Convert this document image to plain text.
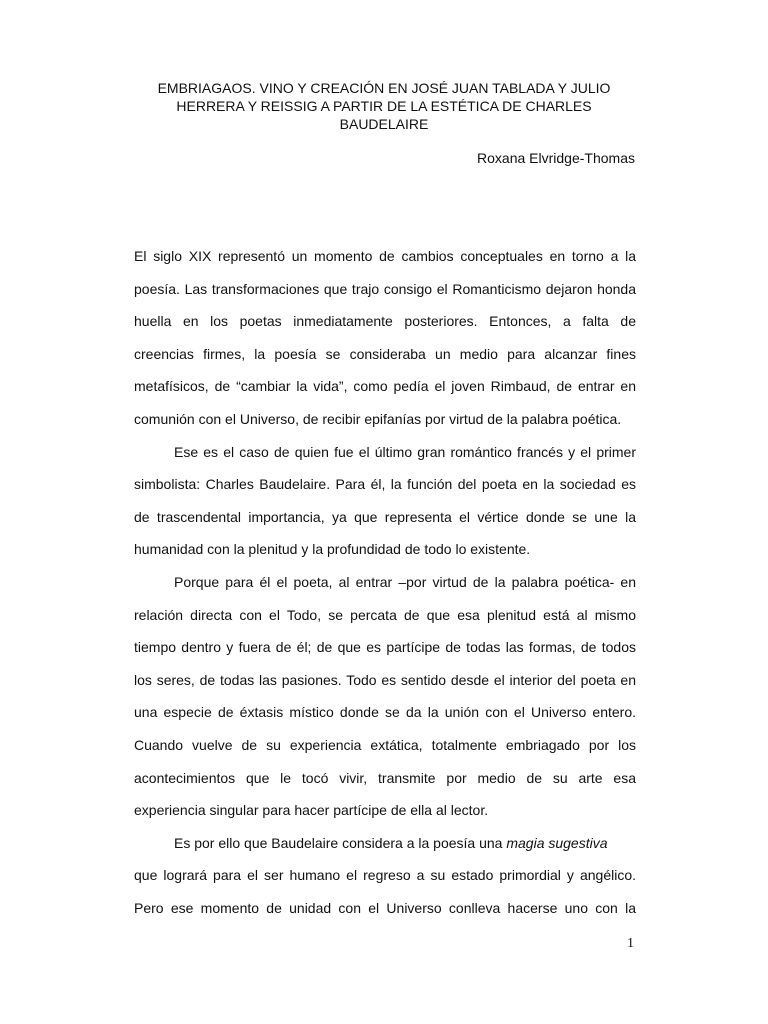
EMBRIAGAOS. VINO Y CREACIÓN EN JOSÉ JUAN TABLADA Y JULIO
HERRERA Y REISSIG A PARTIR DE LA ESTÉTICA DE CHARLES
BAUDELAIRE
Roxana Elvridge-Thomas
El siglo XIX representó un momento de cambios conceptuales en torno a la
poesía. Las transformaciones que trajo consigo el Romanticismo dejaron honda
huella en los poetas inmediatamente posteriores. Entonces, a falta de
creencias firmes, la poesía se consideraba un medio para alcanzar fines
metafísicos, de “cambiar la vida”, como pedía el joven Rimbaud, de entrar en
comunión con el Universo, de recibir epifanías por virtud de la palabra poética.
Ese es el caso de quien fue el último gran romántico francés y el primer
simbolista: Charles Baudelaire. Para él, la función del poeta en la sociedad es
de trascendental importancia, ya que representa el vértice donde se une la
humanidad con la plenitud y la profundidad de todo lo existente.
Porque para él el poeta, al entrar –por virtud de la palabra poética- en
relación directa con el Todo, se percata de que esa plenitud está al mismo
tiempo dentro y fuera de él; de que es partícipe de todas las formas, de todos
los seres, de todas las pasiones. Todo es sentido desde el interior del poeta en
una especie de éxtasis místico donde se da la unión con el Universo entero.
Cuando vuelve de su experiencia extática, totalmente embriagado por los
acontecimientos que le tocó vivir, transmite por medio de su arte esa
experiencia singular para hacer partícipe de ella al lector.
Es por ello que Baudelaire considera a la poesía una magia sugestiva
que logrará para el ser humano el regreso a su estado primordial y angélico.
Pero ese momento de unidad con el Universo conlleva hacerse uno con la
1
